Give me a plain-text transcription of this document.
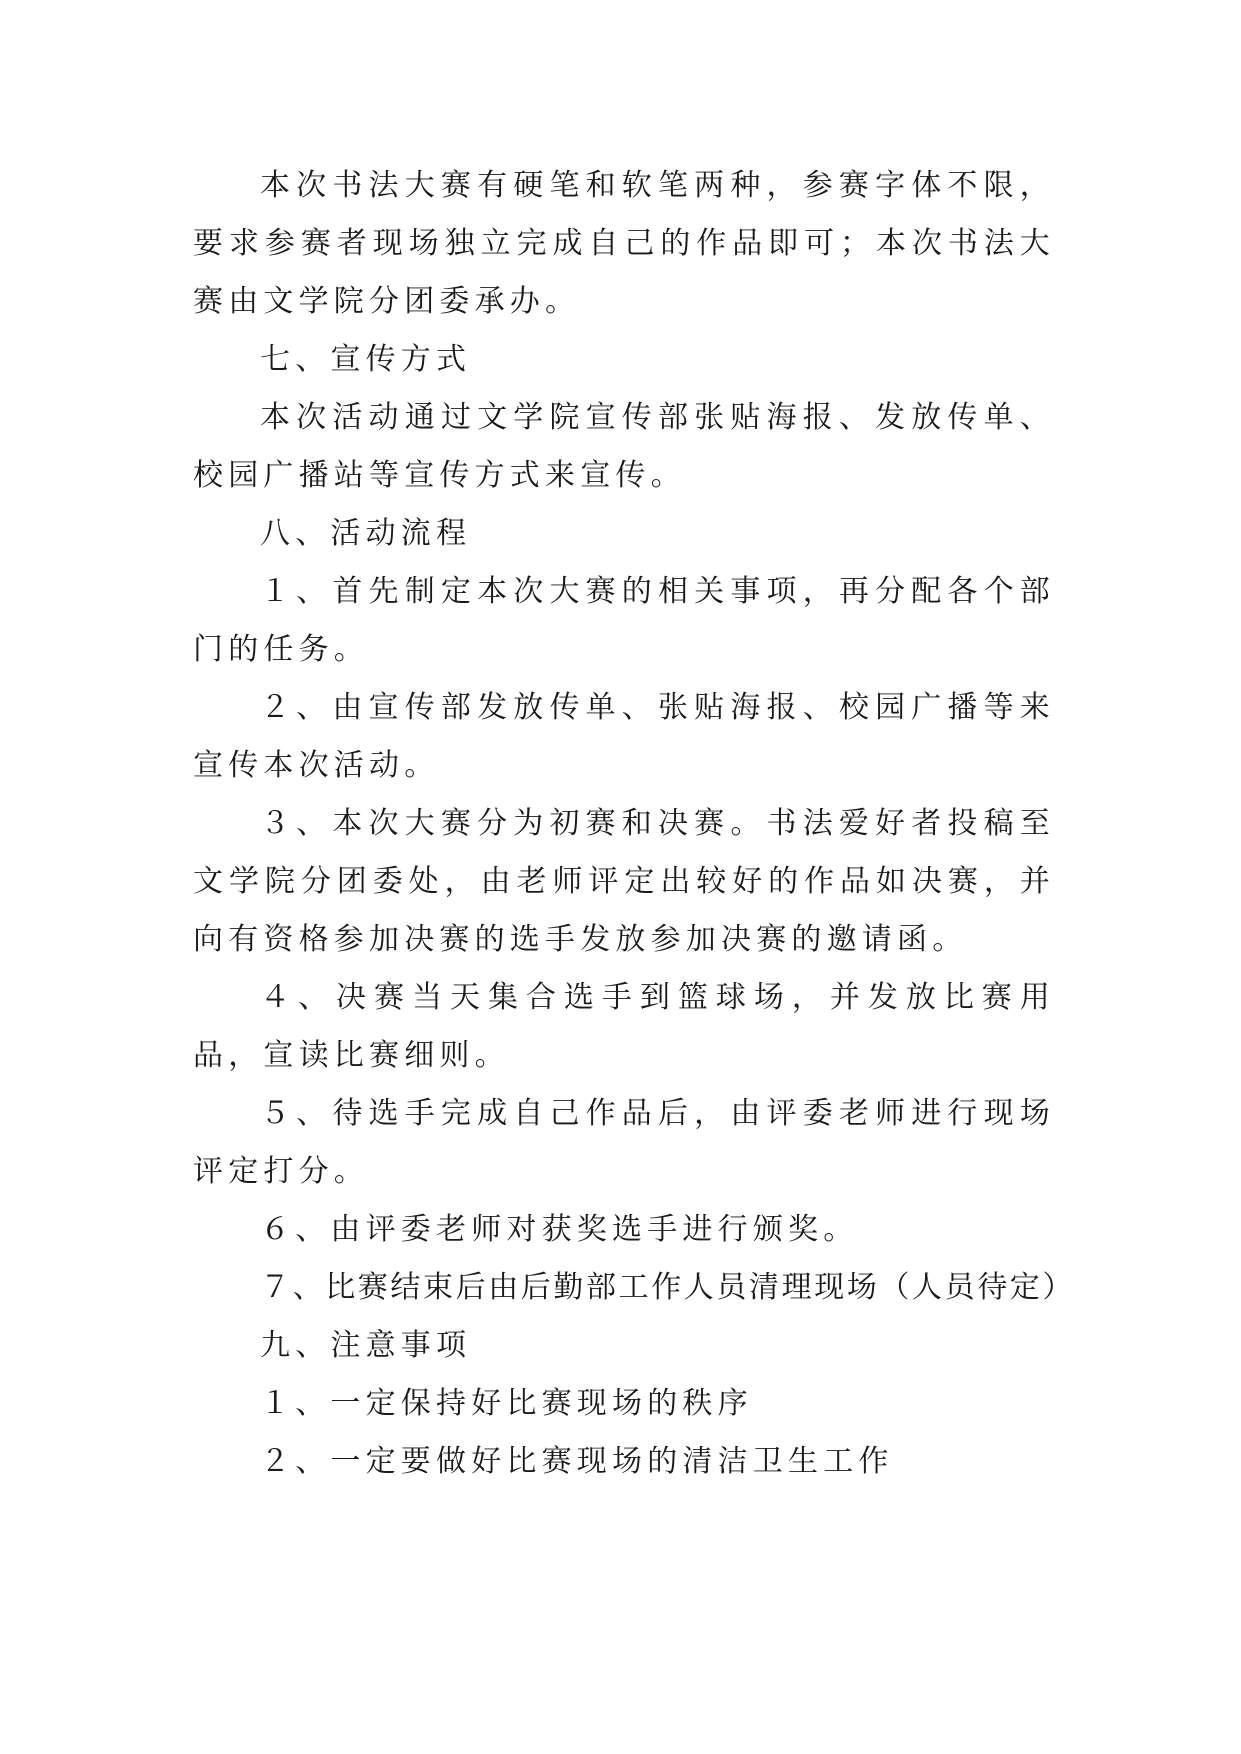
本次书法大赛有硬笔和软笔两种，参赛字体不限，要求参赛者现场独立完成自己的作品即可；本次书法大赛由文学院分团委承办。

七、宣传方式

本次活动通过文学院宣传部张贴海报、发放传单、校园广播站等宣传方式来宣传。

八、活动流程

１、首先制定本次大赛的相关事项，再分配各个部门的任务。

２、由宣传部发放传单、张贴海报、校园广播等来宣传本次活动。

３、本次大赛分为初赛和决赛。书法爱好者投稿至文学院分团委处，由老师评定出较好的作品如决赛，并向有资格参加决赛的选手发放参加决赛的邀请函。

４、决赛当天集合选手到篮球场，并发放比赛用品，宣读比赛细则。

５、待选手完成自己作品后，由评委老师进行现场评定打分。

６、由评委老师对获奖选手进行颁奖。

７、比赛结束后由后勤部工作人员清理现场（人员待定）

九、注意事项

１、一定保持好比赛现场的秩序

２、一定要做好比赛现场的清洁卫生工作
